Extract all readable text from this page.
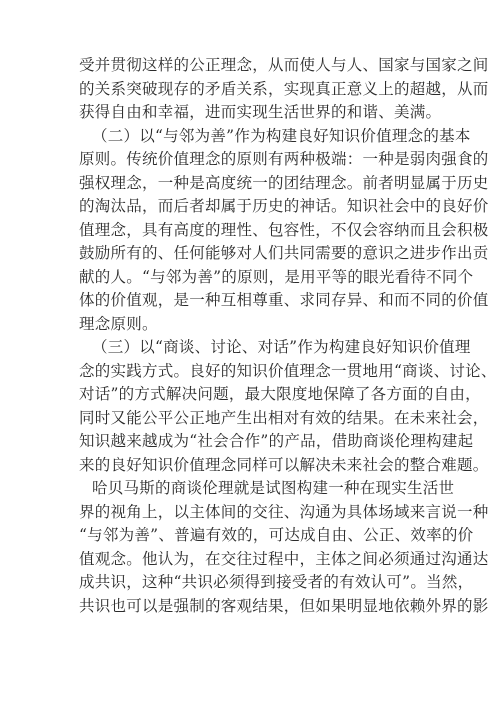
受并贯彻这样的公正理念，从而使人与人、国家与国家之间
的关系突破现存的矛盾关系，实现真正意义上的超越，从而
获得自由和幸福，进而实现生活世界的和谐、美满。
（二）以“与邻为善”作为构建良好知识价值理念的基本
原则。传统价值理念的原则有两种极端：一种是弱肉强食的
强权理念，一种是高度统一的团结理念。前者明显属于历史
的淘汰品，而后者却属于历史的神话。知识社会中的良好价
值理念，具有高度的理性、包容性，不仅会容纳而且会积极
鼓励所有的、任何能够对人们共同需要的意识之进步作出贡
献的人。“与邻为善”的原则，是用平等的眼光看待不同个
体的价值观，是一种互相尊重、求同存异、和而不同的价值
理念原则。
（三）以“商谈、讨论、对话”作为构建良好知识价值理
念的实践方式。良好的知识价值理念一贯地用“商谈、讨论、
对话”的方式解决问题，最大限度地保障了各方面的自由，
同时又能公平公正地产生出相对有效的结果。在未来社会，
知识越来越成为“社会合作”的产品，借助商谈伦理构建起
来的良好知识价值理念同样可以解决未来社会的整合难题。
哈贝马斯的商谈伦理就是试图构建一种在现实生活世
界的视角上，以主体间的交往、沟通为具体场域来言说一种
“与邻为善”、普遍有效的，可达成自由、公正、效率的价
值观念。他认为，在交往过程中，主体之间必须通过沟通达
成共识，这种“共识必须得到接受者的有效认可”。当然，
共识也可以是强制的客观结果，但如果明显地依赖外界的影
